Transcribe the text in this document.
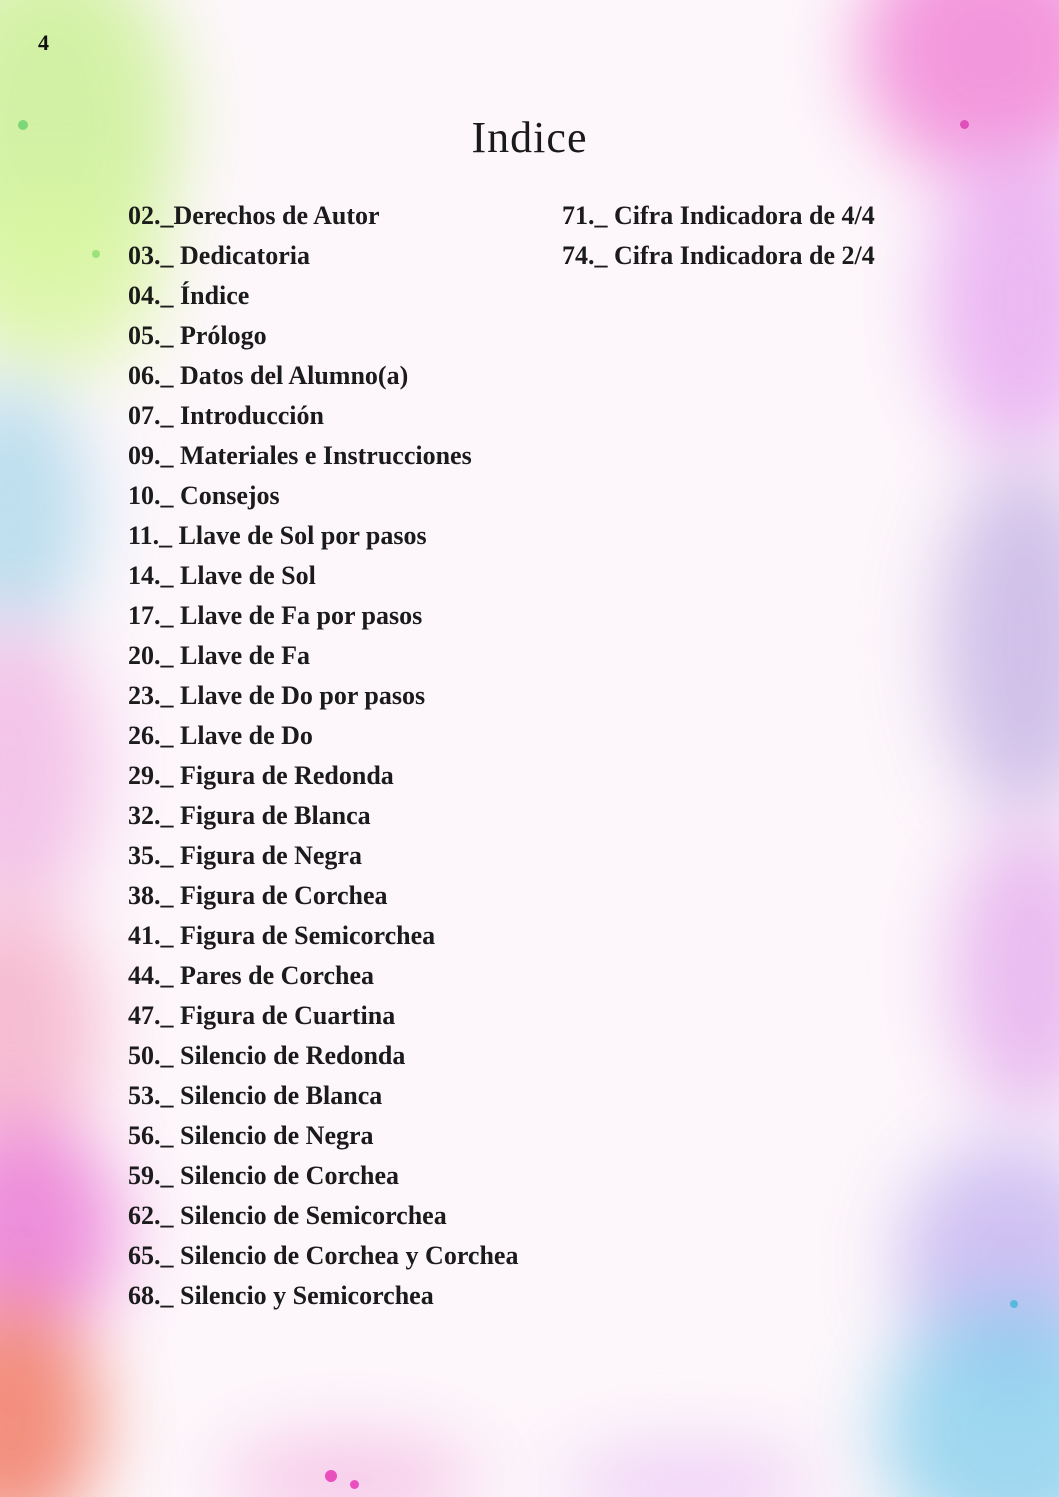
4
Indice
02._Derechos de Autor
03._ Dedicatoria
04._ Índice
05._ Prólogo
06._ Datos del Alumno(a)
07._ Introducción
09._ Materiales e Instrucciones
10._ Consejos
11._ Llave de Sol por pasos
14._ Llave de Sol
17._ Llave de Fa por pasos
20._ Llave de Fa
23._ Llave de Do por pasos
26._ Llave de Do
29._ Figura de Redonda
32._ Figura de Blanca
35._ Figura de Negra
38._ Figura de Corchea
41._ Figura de Semicorchea
44._ Pares de Corchea
47._ Figura de Cuartina
50._ Silencio de Redonda
53._ Silencio de Blanca
56._ Silencio de Negra
59._ Silencio de Corchea
62._ Silencio de Semicorchea
65._ Silencio de Corchea y Corchea
68._ Silencio y Semicorchea
71._ Cifra Indicadora de 4/4
74._ Cifra Indicadora de 2/4
